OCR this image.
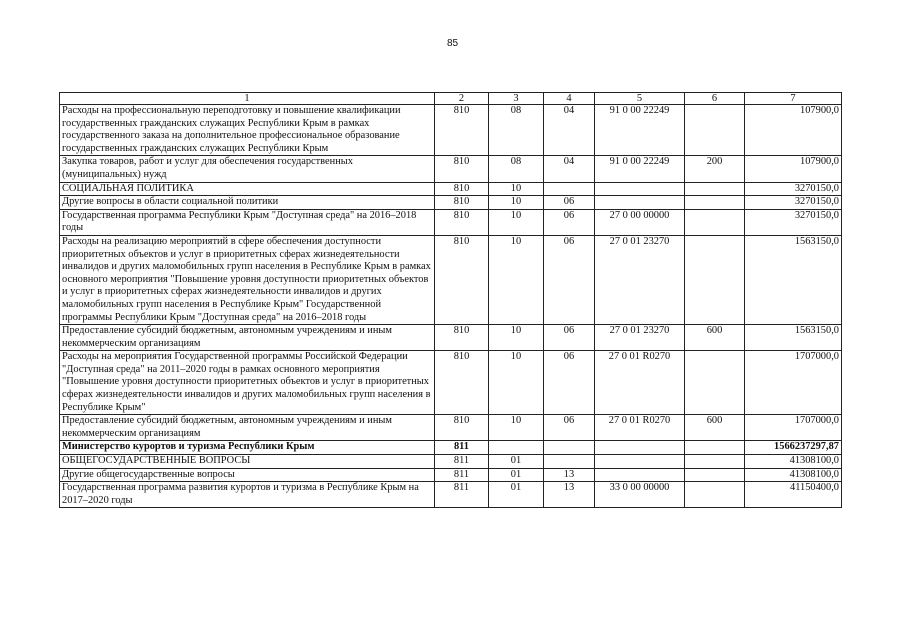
85
1	2	3	4	5	6	7
Расходы на профессиональную переподготовку и повышение квалификации государственных гражданских служащих Республики Крым в рамках государственного заказа на дополнительное профессиональное образование государственных гражданских служащих Республики Крым	810	08	04	91 0 00 22249		107900,0
Закупка товаров, работ и услуг для обеспечения государственных (муниципальных) нужд	810	08	04	91 0 00 22249	200	107900,0
СОЦИАЛЬНАЯ ПОЛИТИКА	810	10				3270150,0
Другие вопросы в области социальной политики	810	10	06			3270150,0
Государственная программа Республики Крым "Доступная среда" на 2016–2018 годы	810	10	06	27 0 00 00000		3270150,0
Расходы на реализацию мероприятий в сфере обеспечения доступности приоритетных объектов и услуг в приоритетных сферах жизнедеятельности инвалидов и других маломобильных групп населения в Республике Крым в рамках основного мероприятия "Повышение уровня доступности приоритетных объектов и услуг в приоритетных сферах жизнедеятельности инвалидов и других маломобильных групп населения в Республике Крым" Государственной программы Республики Крым "Доступная среда" на 2016–2018 годы	810	10	06	27 0 01 23270		1563150,0
Предоставление субсидий бюджетным, автономным учреждениям и иным некоммерческим организациям	810	10	06	27 0 01 23270	600	1563150,0
Расходы на мероприятия Государственной программы Российской Федерации "Доступная среда" на 2011–2020 годы в рамках основного мероприятия "Повышение уровня доступности приоритетных объектов и услуг в приоритетных сферах жизнедеятельности инвалидов и других маломобильных групп населения в Республике Крым"	810	10	06	27 0 01 R0270		1707000,0
Предоставление субсидий бюджетным, автономным учреждениям и иным некоммерческим организациям	810	10	06	27 0 01 R0270	600	1707000,0
Министерство курортов и туризма Республики Крым	811					1566237297,87
ОБЩЕГОСУДАРСТВЕННЫЕ ВОПРОСЫ	811	01				41308100,0
Другие общегосударственные вопросы	811	01	13			41308100,0
Государственная программа развития курортов и туризма в Республике Крым на 2017–2020 годы	811	01	13	33 0 00 00000		41150400,0
